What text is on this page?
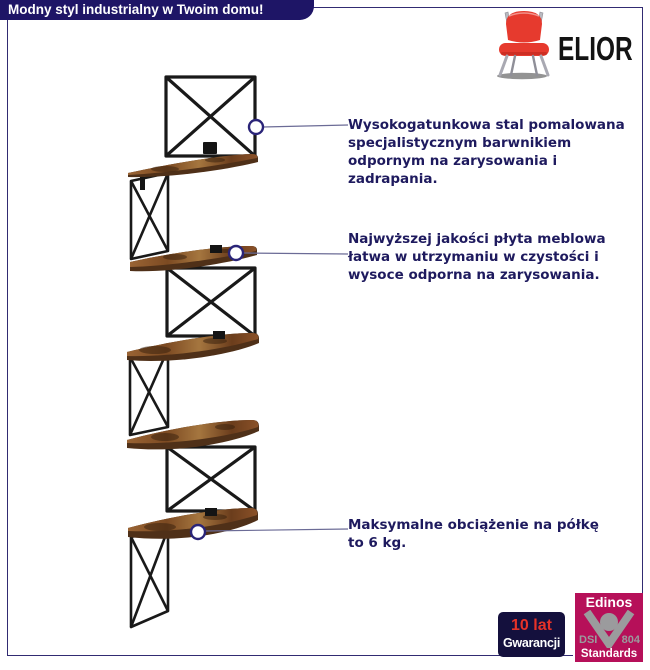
Modny styl industrialny w Twoim domu!
ELIOR
Wysokogatunkowa stal pomalowana
specjalistycznym barwnikiem
odpornym na zarysowania i
zadrapania.
Najwyższej jakości płyta meblowa
łatwa w utrzymaniu w czystości i
wysoce odporna na zarysowania.
Maksymalne obciążenie na półkę
to 6 kg.
10 lat
Gwarancji
Edinos
DSI 804
Standards
